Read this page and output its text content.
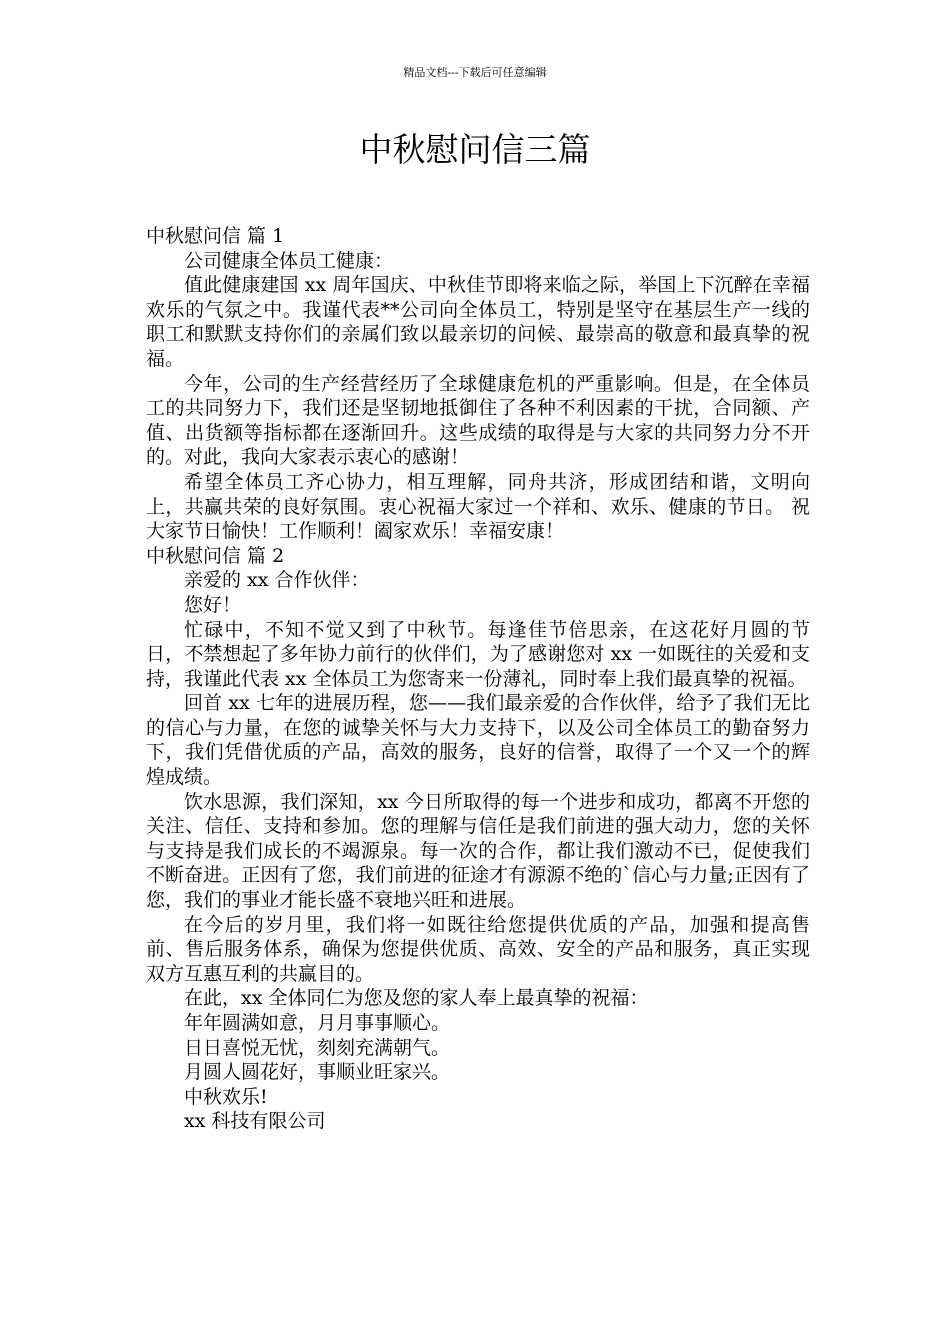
精品文档---下载后可任意编辑
中秋慰问信三篇

中秋慰问信 篇 1

公司健康全体员工健康：

值此健康建国 xx 周年国庆、中秋佳节即将来临之际，举国上下沉醉在幸福欢乐的气氛之中。我谨代表**公司向全体员工，特别是坚守在基层生产一线的职工和默默支持你们的亲属们致以最亲切的问候、最崇高的敬意和最真挚的祝福。

今年，公司的生产经营经历了全球健康危机的严重影响。但是，在全体员工的共同努力下，我们还是坚韧地抵御住了各种不利因素的干扰，合同额、产值、出货额等指标都在逐渐回升。这些成绩的取得是与大家的共同努力分不开的。对此，我向大家表示衷心的感谢！

希望全体员工齐心协力，相互理解，同舟共济，形成团结和谐，文明向上，共赢共荣的良好氛围。衷心祝福大家过一个祥和、欢乐、健康的节日。 祝大家节日愉快！工作顺利！阖家欢乐！幸福安康！

中秋慰问信 篇 2

亲爱的 xx 合作伙伴：

您好！

忙碌中，不知不觉又到了中秋节。每逢佳节倍思亲，在这花好月圆的节日，不禁想起了多年协力前行的伙伴们，为了感谢您对 xx 一如既往的关爱和支持，我谨此代表 xx 全体员工为您寄来一份薄礼，同时奉上我们最真挚的祝福。

回首 xx 七年的进展历程，您——我们最亲爱的合作伙伴，给予了我们无比的信心与力量，在您的诚挚关怀与大力支持下，以及公司全体员工的勤奋努力下，我们凭借优质的产品，高效的服务，良好的信誉，取得了一个又一个的辉煌成绩。

饮水思源，我们深知，xx 今日所取得的每一个进步和成功，都离不开您的关注、信任、支持和参加。您的理解与信任是我们前进的强大动力，您的关怀与支持是我们成长的不竭源泉。每一次的合作，都让我们激动不已，促使我们不断奋进。正因有了您，我们前进的征途才有源源不绝的`信心与力量;正因有了您，我们的事业才能长盛不衰地兴旺和进展。

在今后的岁月里，我们将一如既往给您提供优质的产品，加强和提高售前、售后服务体系，确保为您提供优质、高效、安全的产品和服务，真正实现双方互惠互利的共赢目的。

在此，xx 全体同仁为您及您的家人奉上最真挚的祝福：

年年圆满如意，月月事事顺心。

日日喜悦无忧，刻刻充满朝气。

月圆人圆花好，事顺业旺家兴。

中秋欢乐!

xx 科技有限公司
